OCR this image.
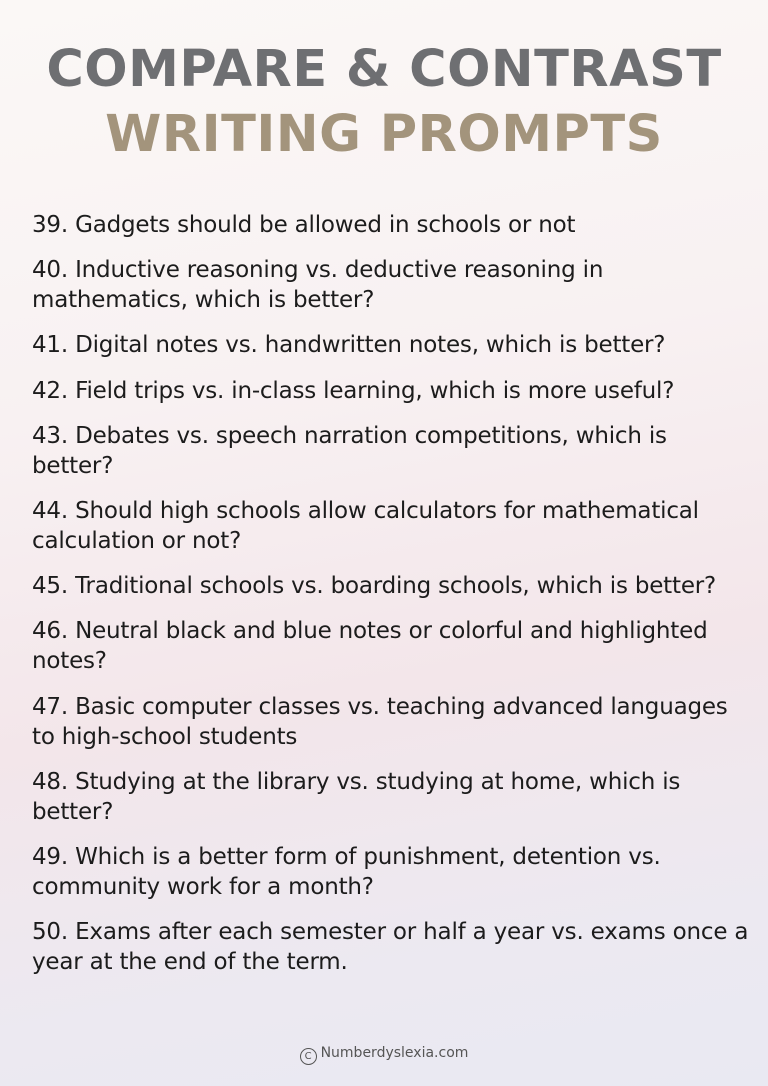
COMPARE & CONTRAST
WRITING PROMPTS
39. Gadgets should be allowed in schools or not
40. Inductive reasoning vs. deductive reasoning in mathematics, which is better?
41. Digital notes vs. handwritten notes, which is better?
42. Field trips vs. in-class learning, which is more useful?
43. Debates vs. speech narration competitions, which is better?
44. Should high schools allow calculators for mathematical calculation or not?
45. Traditional schools vs. boarding schools, which is better?
46. Neutral black and blue notes or colorful and highlighted notes?
47. Basic computer classes vs. teaching advanced languages to high-school students
48. Studying at the library vs. studying at home, which is better?
49. Which is a better form of punishment, detention vs. community work for a month?
50. Exams after each semester or half a year vs. exams once a year at the end of the term.
CNumberdyslexia.com
